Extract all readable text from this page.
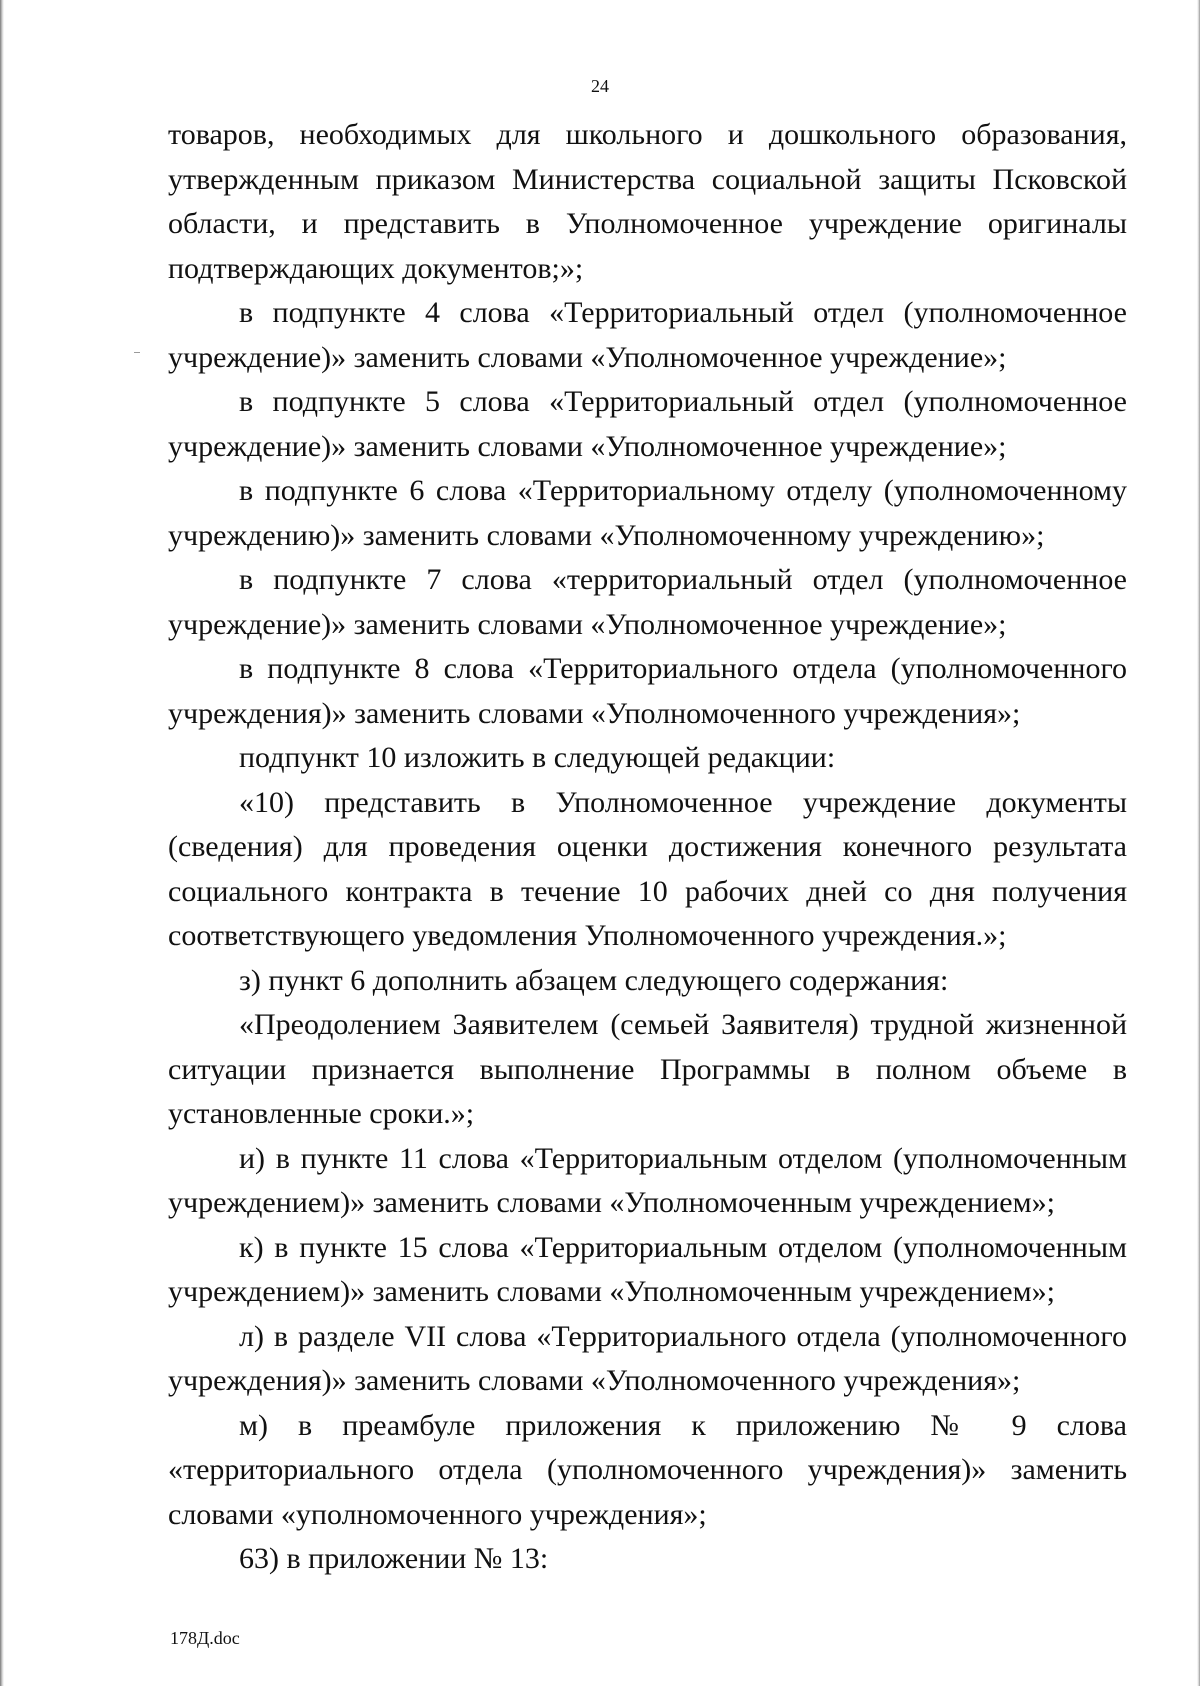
24

товаров, необходимых для школьного и дошкольного образования, утвержденным приказом Министерства социальной защиты Псковской области, и представить в Уполномоченное учреждение оригиналы подтверждающих документов;»;

в подпункте 4 слова «Территориальный отдел (уполномоченное учреждение)» заменить словами «Уполномоченное учреждение»;

в подпункте 5 слова «Территориальный отдел (уполномоченное учреждение)» заменить словами «Уполномоченное учреждение»;

в подпункте 6 слова «Территориальному отделу (уполномоченному учреждению)» заменить словами «Уполномоченному учреждению»;

в подпункте 7 слова «территориальный отдел (уполномоченное учреждение)» заменить словами «Уполномоченное учреждение»;

в подпункте 8 слова «Территориального отдела (уполномоченного учреждения)» заменить словами «Уполномоченного учреждения»;

подпункт 10 изложить в следующей редакции:

«10) представить в Уполномоченное учреждение документы (сведения) для проведения оценки достижения конечного результата социального контракта в течение 10 рабочих дней со дня получения соответствующего уведомления Уполномоченного учреждения.»;

з) пункт 6 дополнить абзацем следующего содержания:

«Преодолением Заявителем (семьей Заявителя) трудной жизненной ситуации признается выполнение Программы в полном объеме в установленные сроки.»;

и) в пункте 11 слова «Территориальным отделом (уполномоченным учреждением)» заменить словами «Уполномоченным учреждением»;

к) в пункте 15 слова «Территориальным отделом (уполномоченным учреждением)» заменить словами «Уполномоченным учреждением»;

л) в разделе VII слова «Территориального отдела (уполномоченного учреждения)» заменить словами «Уполномоченного учреждения»;

м) в преамбуле приложения к приложению № 9 слова «территориального отдела (уполномоченного учреждения)» заменить словами «уполномоченного учреждения»;

63) в приложении № 13:

178Д.doc
